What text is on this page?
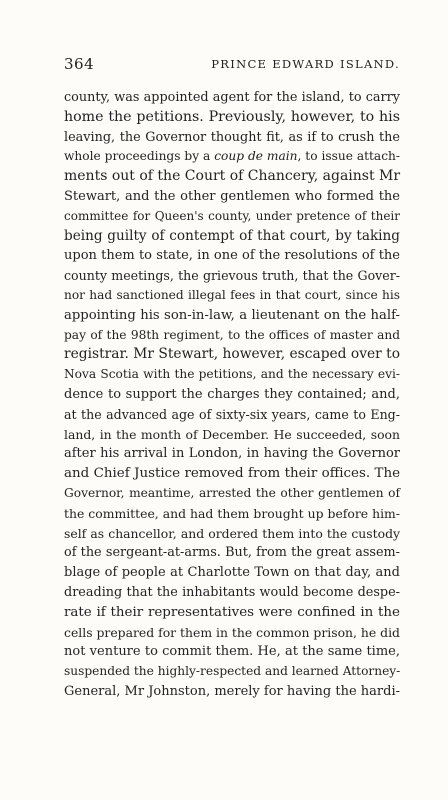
364	PRINCE EDWARD ISLAND.
county, was appointed agent for the island, to carry
home the petitions. Previously, however, to his
leaving, the Governor thought fit, as if to crush the
whole proceedings by a coup de main, to issue attach-
ments out of the Court of Chancery, against Mr
Stewart, and the other gentlemen who formed the
committee for Queen's county, under pretence of their
being guilty of contempt of that court, by taking
upon them to state, in one of the resolutions of the
county meetings, the grievous truth, that the Gover-
nor had sanctioned illegal fees in that court, since his
appointing his son-in-law, a lieutenant on the half-
pay of the 98th regiment, to the offices of master and
registrar. Mr Stewart, however, escaped over to
Nova Scotia with the petitions, and the necessary evi-
dence to support the charges they contained; and,
at the advanced age of sixty-six years, came to Eng-
land, in the month of December. He succeeded, soon
after his arrival in London, in having the Governor
and Chief Justice removed from their offices. The
Governor, meantime, arrested the other gentlemen of
the committee, and had them brought up before him-
self as chancellor, and ordered them into the custody
of the sergeant-at-arms. But, from the great assem-
blage of people at Charlotte Town on that day, and
dreading that the inhabitants would become despe-
rate if their representatives were confined in the
cells prepared for them in the common prison, he did
not venture to commit them. He, at the same time,
suspended the highly-respected and learned Attorney-
General, Mr Johnston, merely for having the hardi-
